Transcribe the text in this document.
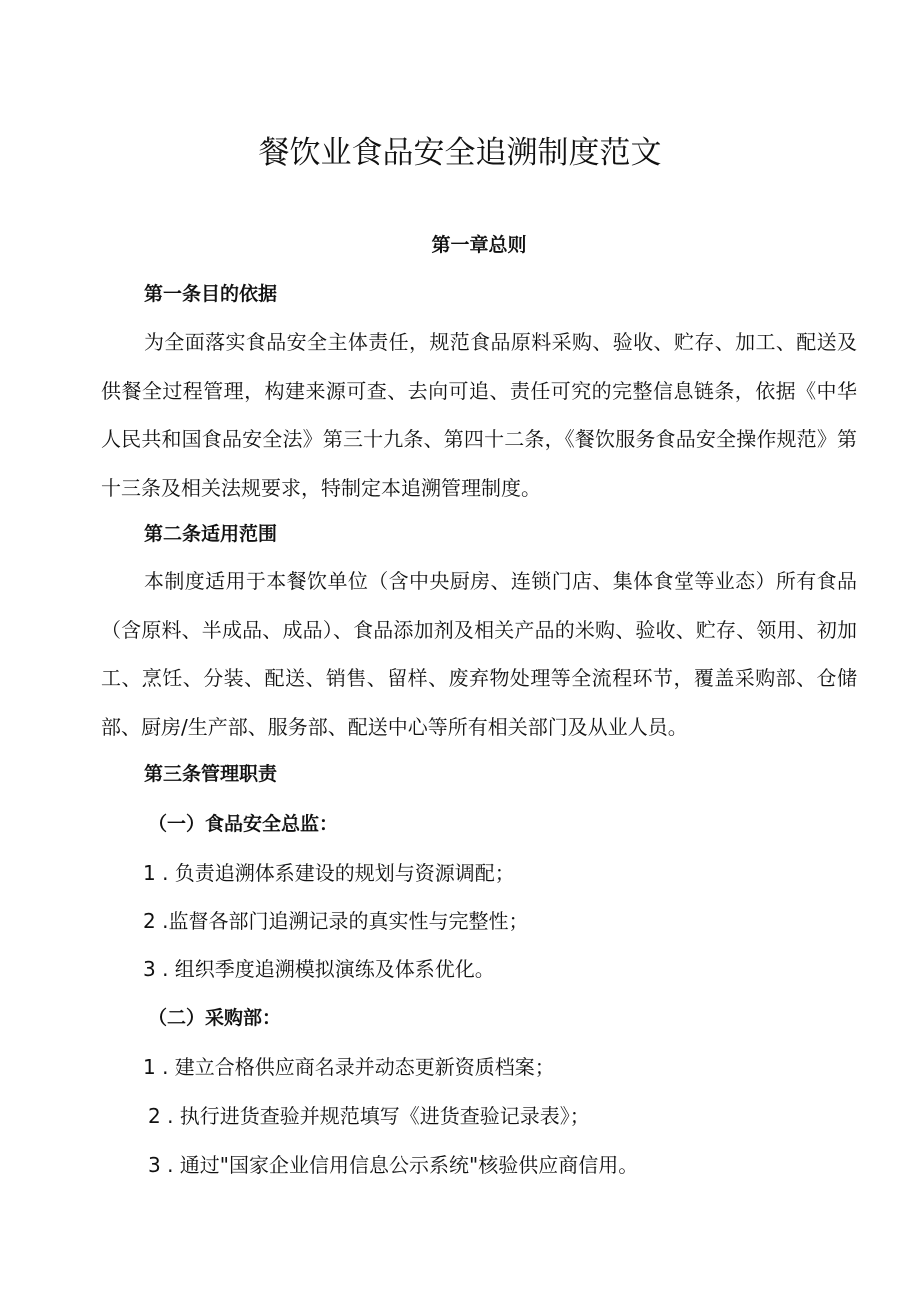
餐饮业食品安全追溯制度范文
第一章总则

第一条目的依据

为全面落实食品安全主体责任，规范食品原料采购、验收、贮存、加工、配送及供餐全过程管理，构建来源可查、去向可追、责任可究的完整信息链条，依据《中华人民共和国食品安全法》第三十九条、第四十二条，《餐饮服务食品安全操作规范》第十三条及相关法规要求，特制定本追溯管理制度。

第二条适用范围

本制度适用于本餐饮单位（含中央厨房、连锁门店、集体食堂等业态）所有食品（含原料、半成品、成品）、食品添加剂及相关产品的米购、验收、贮存、领用、初加工、烹饪、分装、配送、销售、留样、废弃物处理等全流程环节，覆盖采购部、仓储部、厨房/生产部、服务部、配送中心等所有相关部门及从业人员。

第三条管理职责

（一）食品安全总监：

1 . 负责追溯体系建设的规划与资源调配；

2 .监督各部门追溯记录的真实性与完整性；

3 . 组织季度追溯模拟演练及体系优化。

（二）采购部：

1 . 建立合格供应商名录并动态更新资质档案；

2 . 执行进货查验并规范填写《进货查验记录表》；

3 . 通过"国家企业信用信息公示系统"核验供应商信用。
